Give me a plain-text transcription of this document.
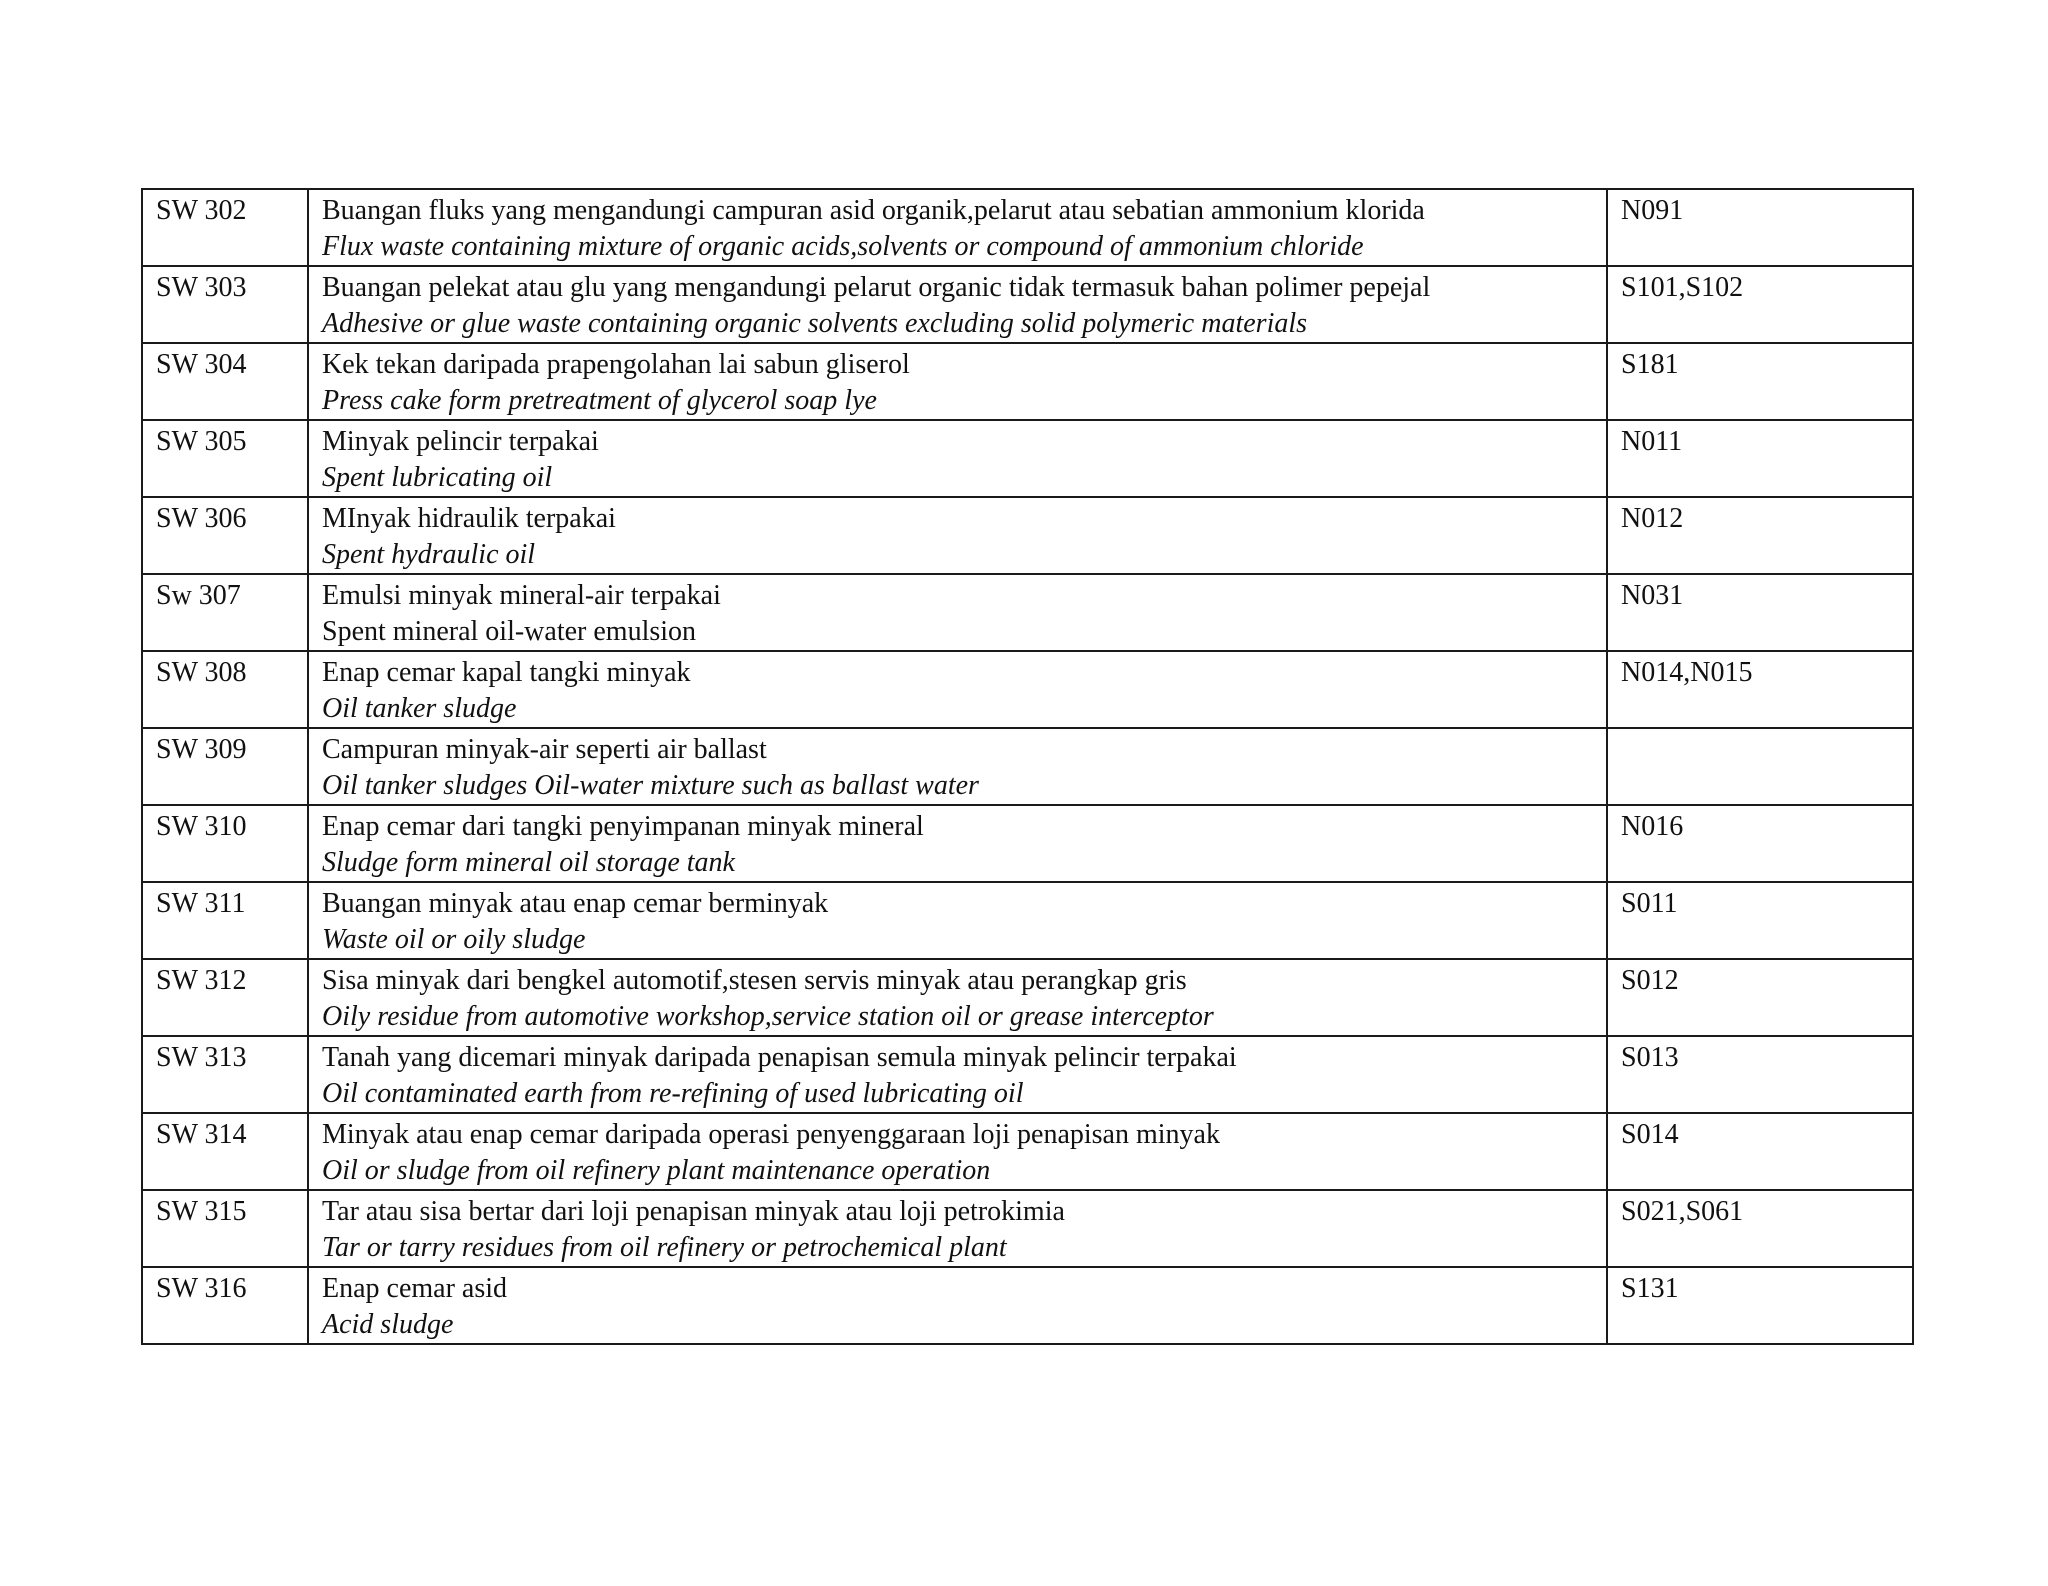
SW 302	Buangan fluks yang mengandungi campuran asid organik,pelarut atau sebatian ammonium klorida
Flux waste containing mixture of organic acids,solvents or compound of ammonium chloride	N091
SW 303	Buangan pelekat atau glu yang mengandungi pelarut organic tidak termasuk bahan polimer pepejal
Adhesive or glue waste containing organic solvents excluding solid polymeric materials	S101,S102
SW 304	Kek tekan daripada prapengolahan lai sabun gliserol
Press cake form pretreatment of glycerol soap lye	S181
SW 305	Minyak pelincir terpakai
Spent lubricating oil	N011
SW 306	MInyak hidraulik terpakai
Spent hydraulic oil	N012
Sw 307	Emulsi minyak mineral-air terpakai
Spent mineral oil-water emulsion	N031
SW 308	Enap cemar kapal tangki minyak
Oil tanker sludge	N014,N015
SW 309	Campuran minyak-air seperti air ballast
Oil tanker sludges Oil-water mixture such as ballast water	

SW 310	Enap cemar dari tangki penyimpanan minyak mineral
Sludge form mineral oil storage tank	N016
SW 311	Buangan minyak atau enap cemar berminyak
Waste oil or oily sludge	S011
SW 312	Sisa minyak dari bengkel automotif,stesen servis minyak atau perangkap gris
Oily residue from automotive workshop,service station oil or grease interceptor	S012
SW 313	Tanah yang dicemari minyak daripada penapisan semula minyak pelincir terpakai
Oil contaminated earth from re-refining of used lubricating oil	S013
SW 314	Minyak atau enap cemar daripada operasi penyenggaraan loji penapisan minyak
Oil or sludge from oil refinery plant maintenance operation	S014
SW 315	Tar atau sisa bertar dari loji penapisan minyak atau loji petrokimia
Tar or tarry residues from oil refinery or petrochemical plant	S021,S061
SW 316	Enap cemar asid
Acid sludge	S131
